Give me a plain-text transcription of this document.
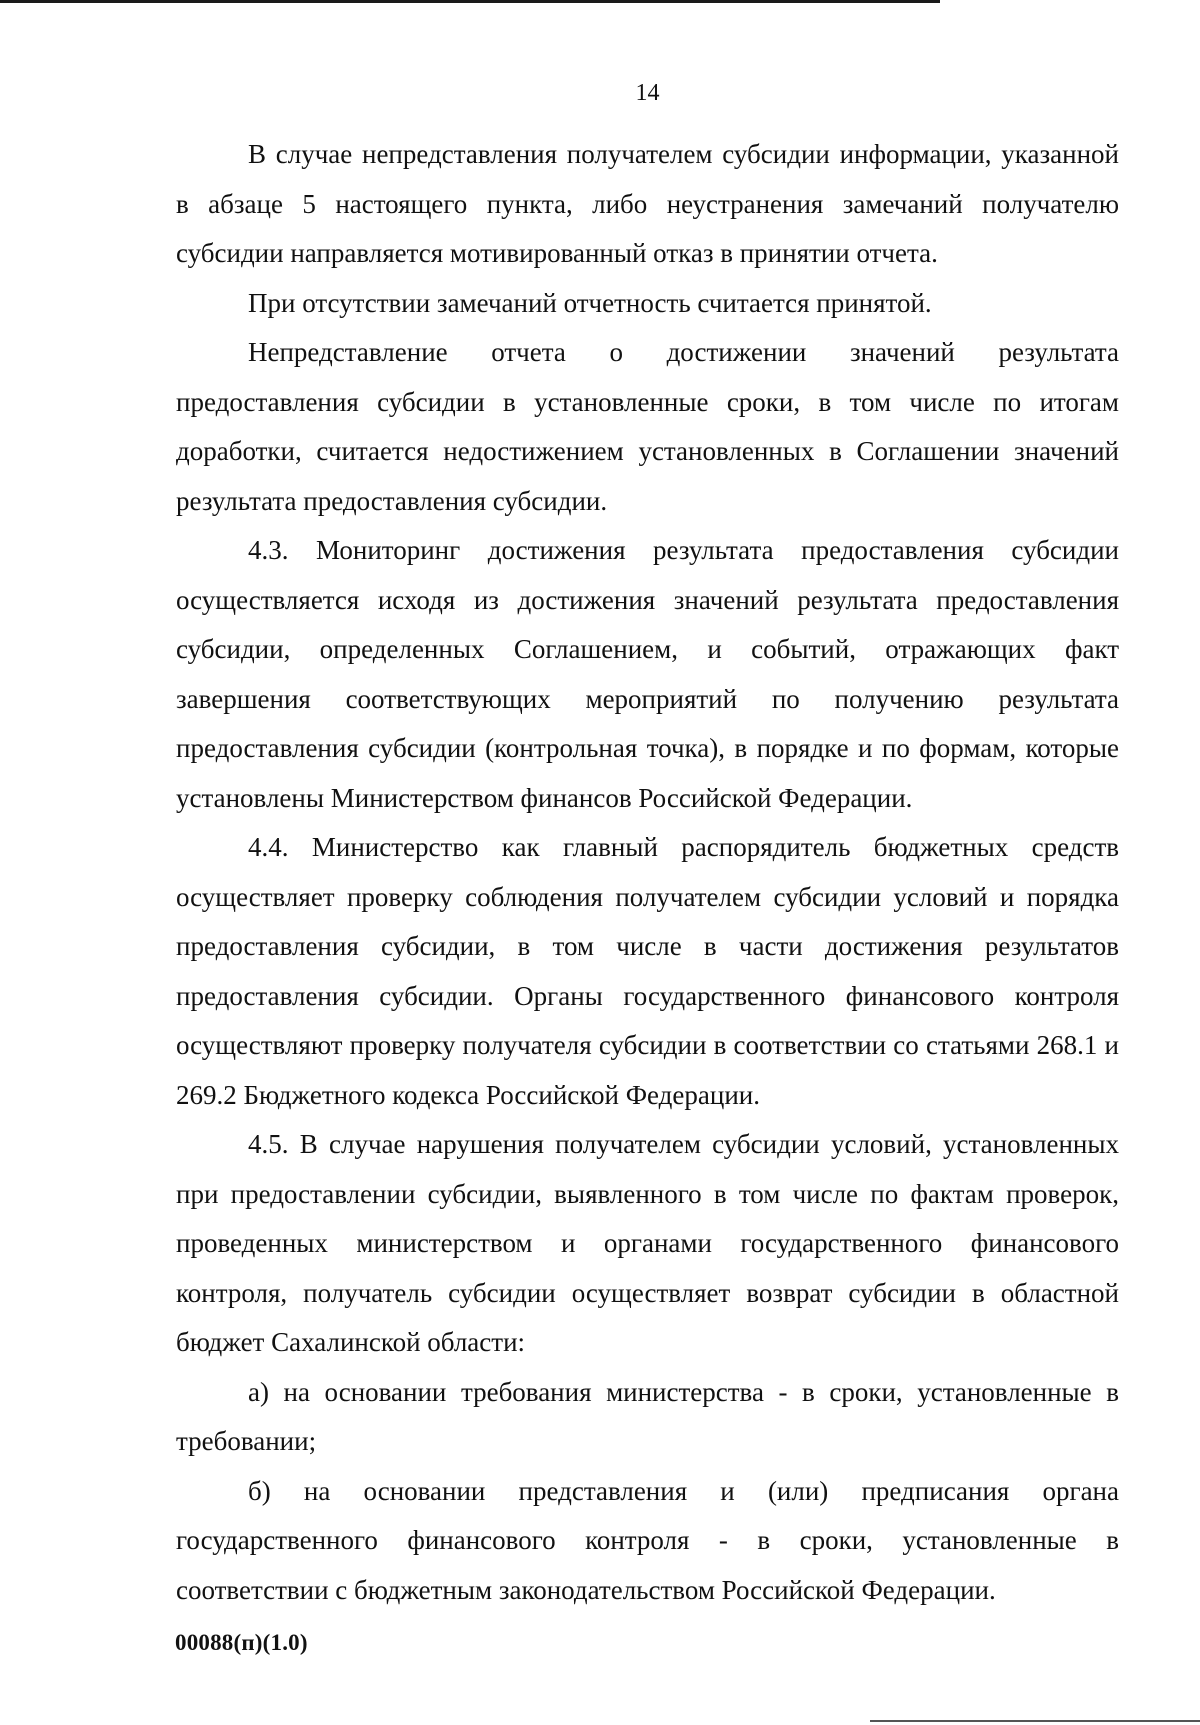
14

В случае непредставления получателем субсидии информации, указанной в абзаце 5 настоящего пункта, либо неустранения замечаний получателю субсидии направляется мотивированный отказ в принятии отчета.

При отсутствии замечаний отчетность считается принятой.

Непредставление отчета о достижении значений результата предоставления субсидии в установленные сроки, в том числе по итогам доработки, считается недостижением установленных в Соглашении значений результата предоставления субсидии.

4.3. Мониторинг достижения результата предоставления субсидии осуществляется исходя из достижения значений результата предоставления субсидии, определенных Соглашением, и событий, отражающих факт завершения соответствующих мероприятий по получению результата предоставления субсидии (контрольная точка), в порядке и по формам, которые установлены Министерством финансов Российской Федерации.

4.4. Министерство как главный распорядитель бюджетных средств осуществляет проверку соблюдения получателем субсидии условий и порядка предоставления субсидии, в том числе в части достижения результатов предоставления субсидии. Органы государственного финансового контроля осуществляют проверку получателя субсидии в соответствии со статьями 268.1 и 269.2 Бюджетного кодекса Российской Федерации.

4.5. В случае нарушения получателем субсидии условий, установленных при предоставлении субсидии, выявленного в том числе по фактам проверок, проведенных министерством и органами государственного финансового контроля, получатель субсидии осуществляет возврат субсидии в областной бюджет Сахалинской области:

а) на основании требования министерства - в сроки, установленные в требовании;

б) на основании представления и (или) предписания органа государственного финансового контроля - в сроки, установленные в соответствии с бюджетным законодательством Российской Федерации.

00088(п)(1.0)
